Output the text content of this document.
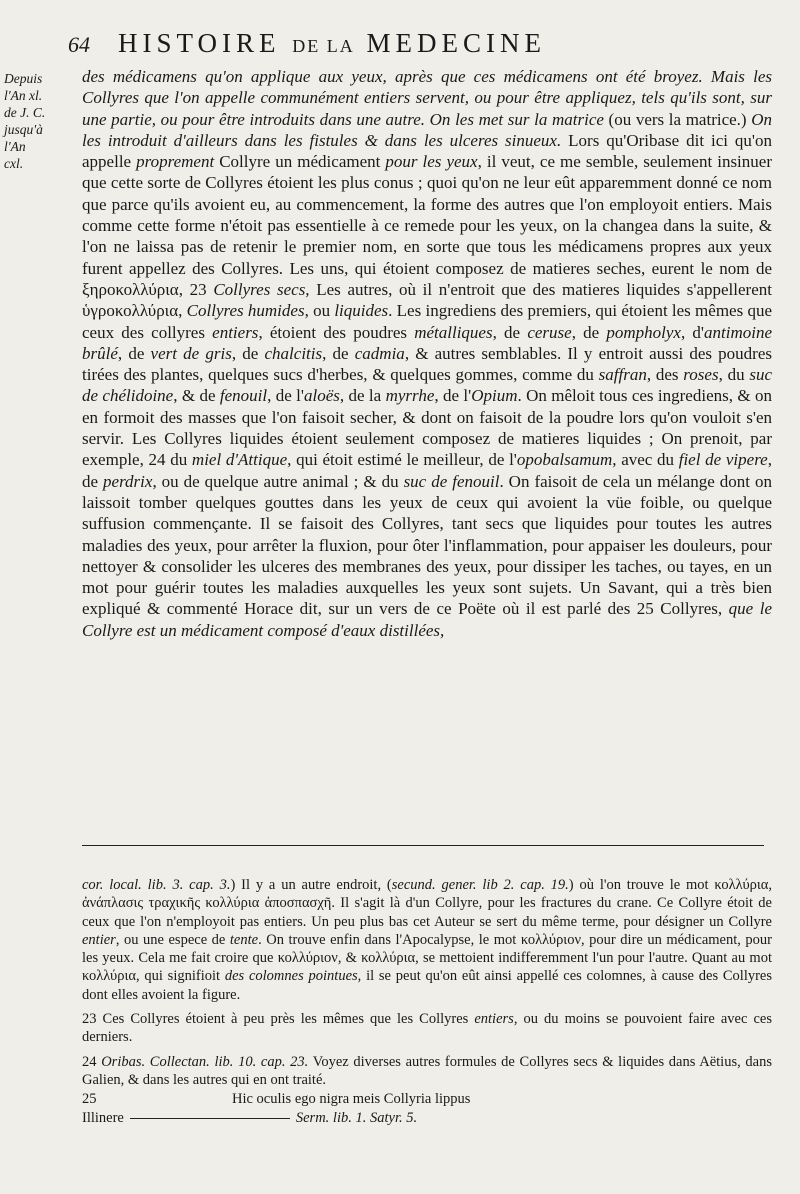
64	HISTOIRE DE LA MEDECINE
Depuis
l'An xl.
de J. C.
jusqu'à
l'An
cxl.

des médicamens qu'on applique aux yeux, après que ces médicamens ont été broyez. Mais les Collyres que l'on appelle communément entiers servent, ou pour être appliquez, tels qu'ils sont, sur une partie, ou pour être introduits dans une autre. On les met sur la matrice (ou vers la matrice.) On les introduit d'ailleurs dans les fistules & dans les ulceres sinueux. Lors qu'Oribase dit ici qu'on appelle proprement Collyre un médicament pour les yeux, il veut, ce me semble, seulement insinuer que cette sorte de Collyres étoient les plus conus ; quoi qu'on ne leur eût apparemment donné ce nom que parce qu'ils avoient eu, au commencement, la forme des autres que l'on employoit entiers. Mais comme cette forme n'étoit pas essentielle à ce remede pour les yeux, on la changea dans la suite, & l'on ne laissa pas de retenir le premier nom, en sorte que tous les médicamens propres aux yeux furent appellez des Collyres. Les uns, qui étoient composez de matieres seches, eurent le nom de ξηροκολλύρια, 23 Collyres secs, Les autres, où il n'entroit que des matieres liquides s'appellerent ὑγροκολλύρια, Collyres humides, ou liquides. Les ingrediens des premiers, qui étoient les mêmes que ceux des collyres entiers, étoient des poudres métalliques, de ceruse, de pompholyx, d'antimoine brûlé, de vert de gris, de chalcitis, de cadmia, & autres semblables. Il y entroit aussi des poudres tirées des plantes, quelques sucs d'herbes, & quelques gommes, comme du saffran, des roses, du suc de chélidoine, & de fenouil, de l'aloës, de la myrrhe, de l'Opium. On mêloit tous ces ingrediens, & on en formoit des masses que l'on faisoit secher, & dont on faisoit de la poudre lors qu'on vouloit s'en servir. Les Collyres liquides étoient seulement composez de matieres liquides ; On prenoit, par exemple, 24 du miel d'Attique, qui étoit estimé le meilleur, de l'opobalsamum, avec du fiel de vipere, de perdrix, ou de quelque autre animal ; & du suc de fenouil. On faisoit de cela un mélange dont on laissoit tomber quelques gouttes dans les yeux de ceux qui avoient la vüe foible, ou quelque suffusion commençante. Il se faisoit des Collyres, tant secs que liquides pour toutes les autres maladies des yeux, pour arrêter la fluxion, pour ôter l'inflammation, pour appaiser les douleurs, pour nettoyer & consolider les ulceres des membranes des yeux, pour dissiper les taches, ou tayes, en un mot pour guérir toutes les maladies auxquelles les yeux sont sujets. Un Savant, qui a très bien expliqué & commenté Horace dit, sur un vers de ce Poëte où il est parlé des 25 Collyres, que le Collyre est un médicament composé d'eaux distillées,

cor. local. lib. 3. cap. 3.) Il y a un autre endroit, (secund. gener. lib 2. cap. 19.) où l'on trouve le mot κολλύρια, ἀνάπλασις τραχικῆς κολλύρια ἀποσπασχῆ. Il s'agit là d'un Collyre, pour les fractures du crane. Ce Collyre étoit de ceux que l'on n'employoit pas entiers. Un peu plus bas cet Auteur se sert du même terme, pour désigner un Collyre entier, ou une espece de tente. On trouve enfin dans l'Apocalypse, le mot κολλύριον, pour dire un médicament, pour les yeux. Cela me fait croire que κολλύριον, & κολλύρια, se mettoient indifferemment l'un pour l'autre. Quant au mot κολλύρια, qui signifioit des colomnes pointues, il se peut qu'on eût ainsi appellé ces colomnes, à cause des Collyres dont elles avoient la figure.

23 Ces Collyres étoient à peu près les mêmes que les Collyres entiers, ou du moins se pouvoient faire avec ces derniers.

24 Oribas. Collectan. lib. 10. cap. 23. Voyez diverses autres formules de Collyres secs & liquides dans Aëtius, dans Galien, & dans les autres qui en ont traité.

25	Hic oculis ego nigra meis Collyria lippus
Illinere	Serm. lib. 1. Satyr. 5.
